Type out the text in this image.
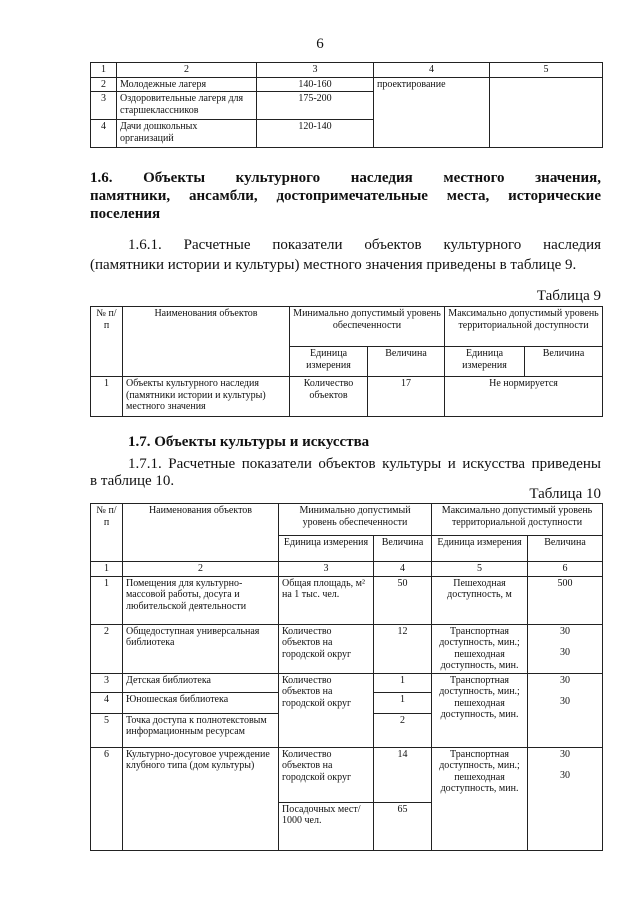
6
1	2	3	4	5
2	Молодежные лагеря	140-160	проектирование	
3	Оздоровительные лагеря для старшеклассников	175-200		
4	Дачи дошкольных организаций	120-140		
1.6. Объекты культурного наследия местного значения,
памятники, ансамбли, достопримечательные места, исторические
поселения
1.6.1. Расчетные показатели объектов культурного наследия
(памятники истории и культуры) местного значения приведены в таблице 9.
Таблица 9
№ п/п	Наименования объектов	Минимально допустимый уровень обеспеченности		Максимально допустимый уровень территориальной доступности	
		Единица измерения	Величина	Единица измерения	Величина
1	Объекты культурного наследия (памятники истории и культуры) местного значения	Количество объектов	17	Не нормируется	
1.7. Объекты культуры и искусства
1.7.1. Расчетные показатели объектов культуры и искусства приведены
в таблице 10.
Таблица 10
№ п/п	Наименования объектов	Минимально допустимый уровень обеспеченности		Максимально допустимый уровень территориальной доступности	
		Единица измерения	Величина	Единица измерения	Величина
1	2	3	4	5	6
1	Помещения для культурно-массовой работы, досуга и любительской деятельности	Общая площадь, м² на 1 тыс. чел.	50	Пешеходная доступность, м	500
2	Общедоступная универсальная библиотека	Количество объектов на городской округ	12	Транспортная доступность, мин.; пешеходная доступность, мин.	30
30

3	Детская библиотека	Количество объектов на городской округ	1	Транспортная доступность, мин.; пешеходная доступность, мин.	30
30

4	Юношеская библиотека		1		
5	Точка доступа к полнотекстовым информационным ресурсам		2		
6	Культурно-досуговое учреждение клубного типа (дом культуры)	Количество объектов на городской округ	14	Транспортная доступность, мин.; пешеходная доступность, мин.	30
30

		Посадочных мест/ 1000 чел.	65		
